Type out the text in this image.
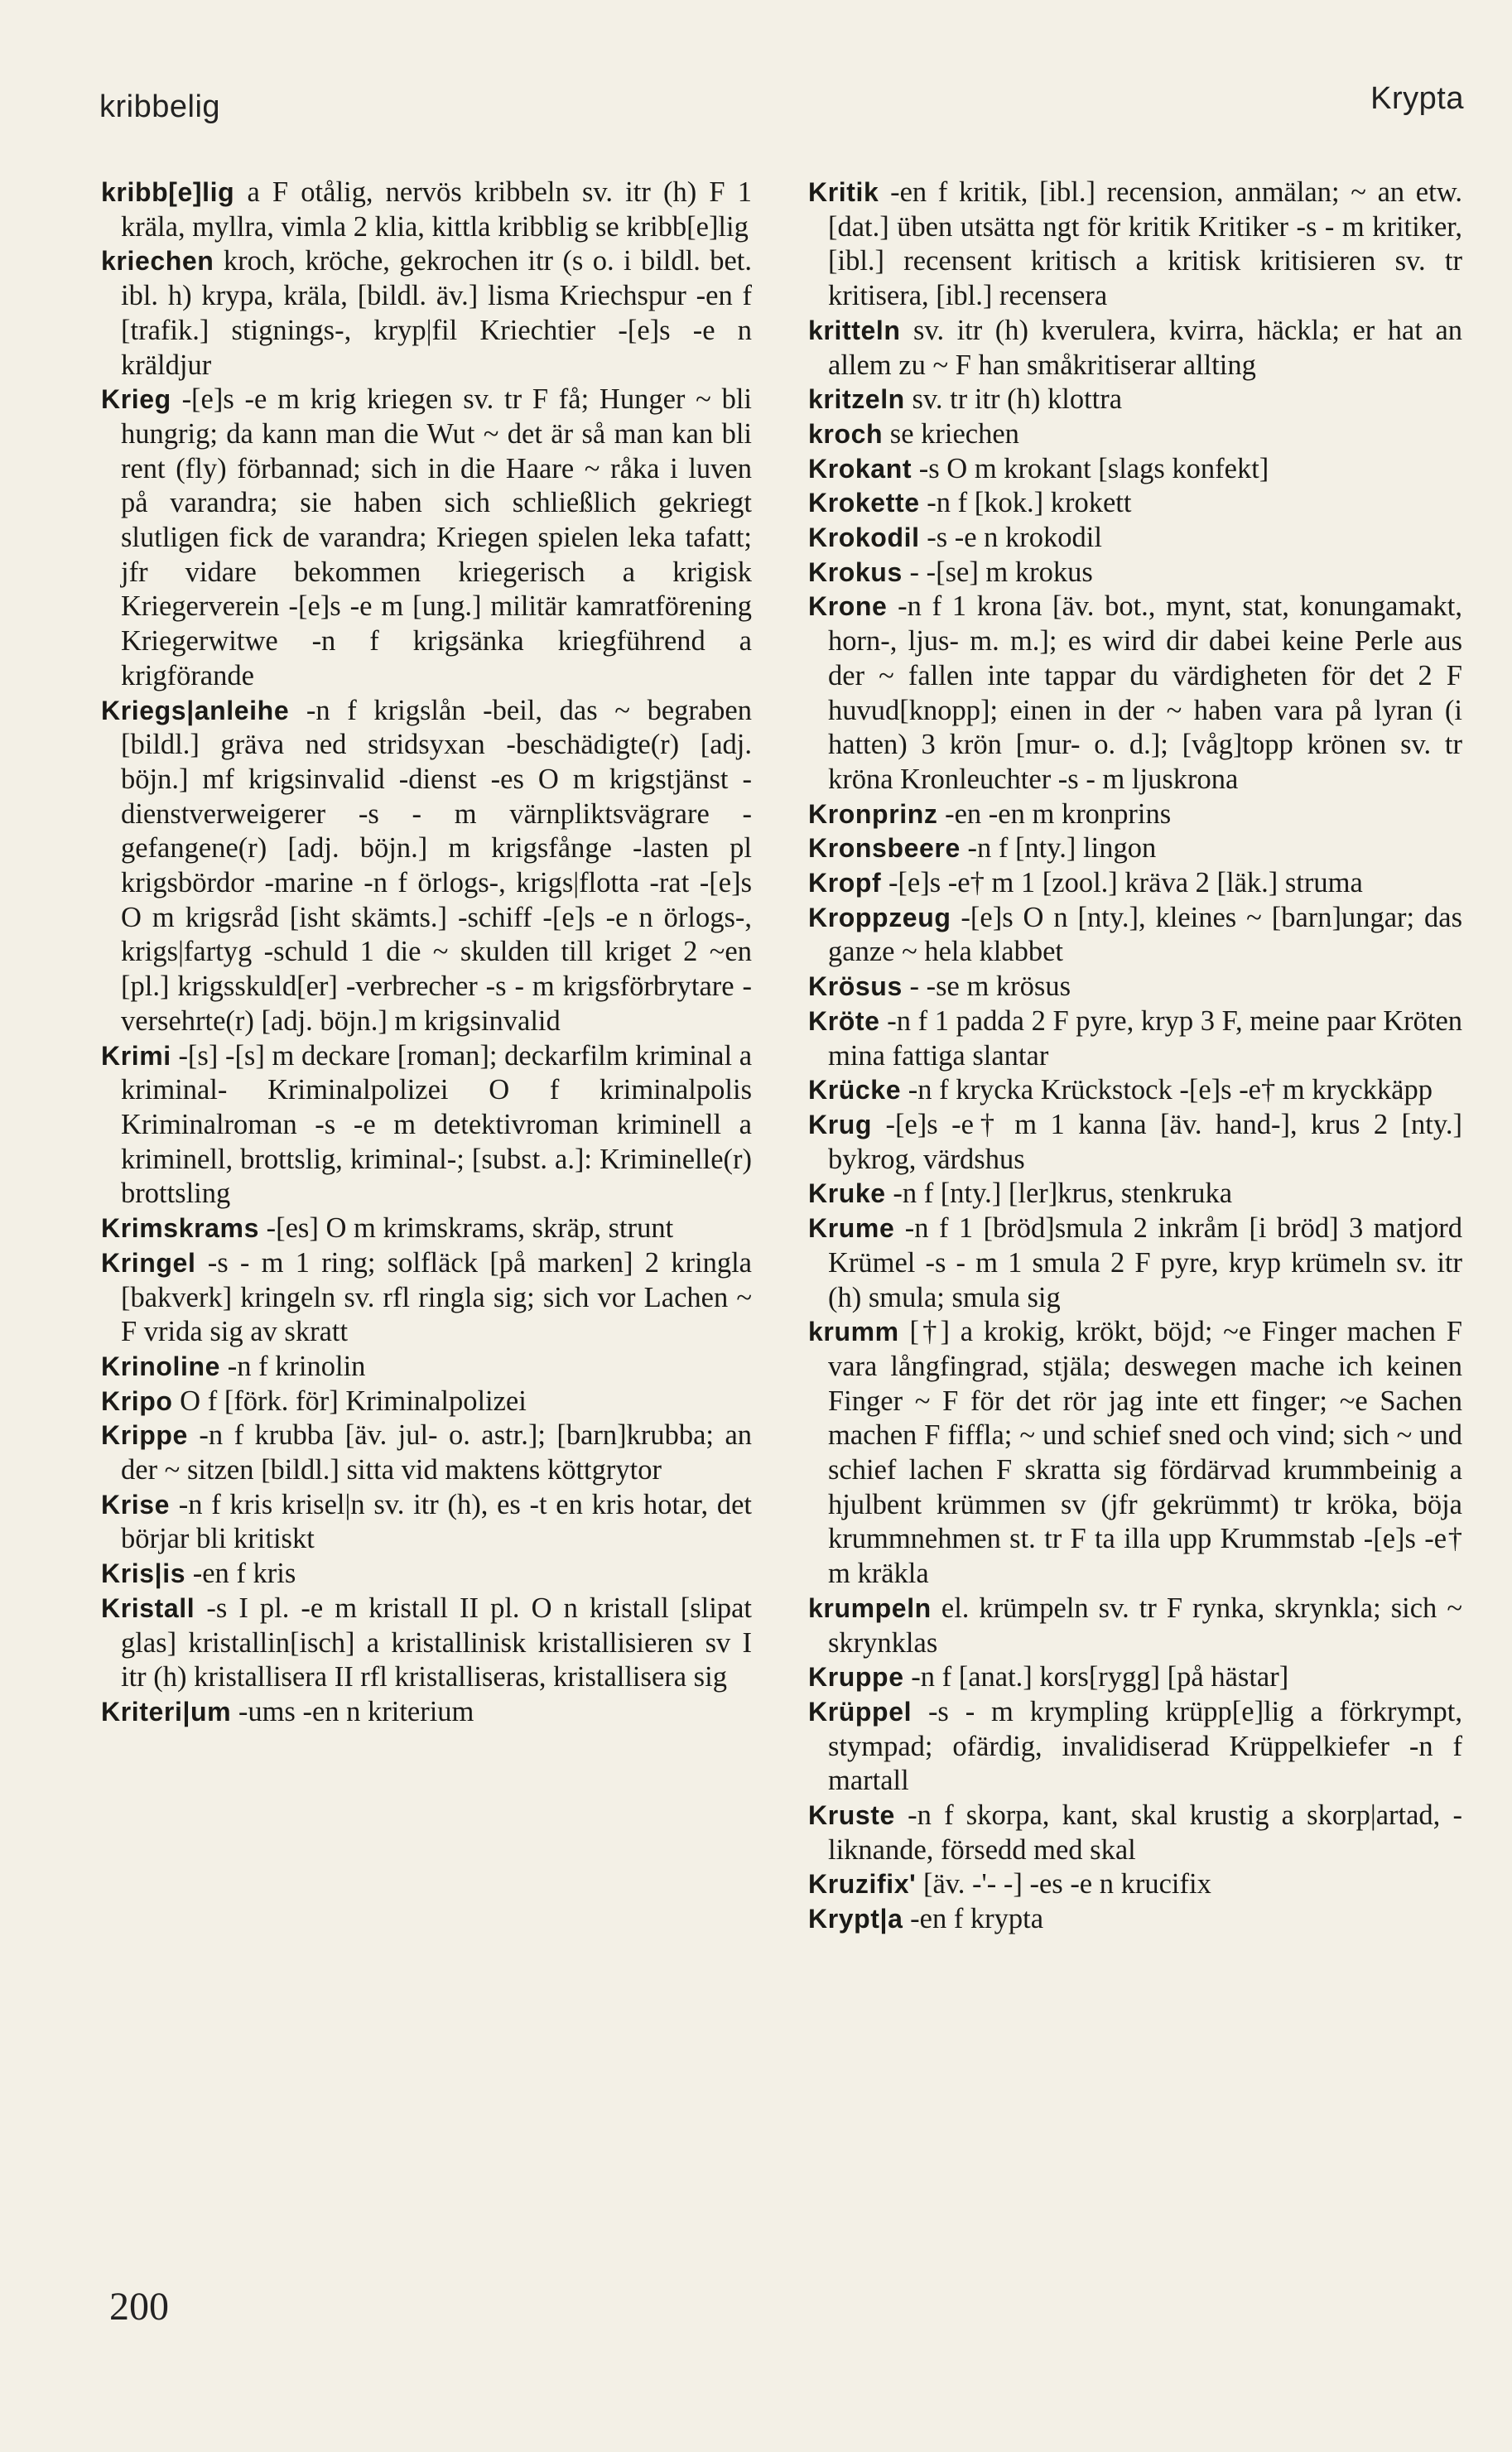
kribbelig	Krypta

kribb[e]lig a F otålig, nervös kribbeln sv. itr (h) F 1 kräla, myllra, vimla 2 klia, kittla kribblig se kribb[e]lig

kriechen kroch, kröche, gekrochen itr (s o. i bildl. bet. ibl. h) krypa, kräla, [bildl. äv.] lisma Kriechspur -en f [trafik.] stignings-, kryp|fil Kriechtier -[e]s -e n kräldjur

Krieg -[e]s -e m krig kriegen sv. tr F få; Hunger ~ bli hungrig; da kann man die Wut ~ det är så man kan bli rent (fly) förbannad; sich in die Haare ~ råka i luven på varandra; sie haben sich schließlich gekriegt slutligen fick de varandra; Kriegen spielen leka tafatt; jfr vidare bekommen kriegerisch a krigisk Kriegerverein -[e]s -e m [ung.] militär kamratförening Kriegerwitwe -n f krigsänka kriegführend a krigförande

Kriegs|anleihe -n f krigslån -beil, das ~ begraben [bildl.] gräva ned stridsyxan -beschädigte(r) [adj. böjn.] mf krigsinvalid -dienst -es O m krigstjänst -dienstverweigerer -s - m värnpliktsvägrare -gefangene(r) [adj. böjn.] m krigsfånge -lasten pl krigsbördor -marine -n f örlogs-, krigs|flotta -rat -[e]s O m krigsråd [isht skämts.] -schiff -[e]s -e n örlogs-, krigs|fartyg -schuld 1 die ~ skulden till kriget 2 ~en [pl.] krigsskuld[er] -verbrecher -s - m krigsförbrytare -versehrte(r) [adj. böjn.] m krigsinvalid

Krimi -[s] -[s] m deckare [roman]; deckarfilm kriminal a kriminal- Kriminalpolizei O f kriminalpolis Kriminalroman -s -e m detektivroman kriminell a kriminell, brottslig, kriminal-; [subst. a.]: Kriminelle(r) brottsling

Krimskrams -[es] O m krimskrams, skräp, strunt

Kringel -s - m 1 ring; solfläck [på marken] 2 kringla [bakverk] kringeln sv. rfl ringla sig; sich vor Lachen ~ F vrida sig av skratt

Krinoline -n f krinolin

Kripo O f [förk. för] Kriminalpolizei

Krippe -n f krubba [äv. jul- o. astr.]; [barn]krubba; an der ~ sitzen [bildl.] sitta vid maktens köttgrytor

Krise -n f kris krisel|n sv. itr (h), es -t en kris hotar, det börjar bli kritiskt

Kris|is -en f kris

Kristall -s I pl. -e m kristall II pl. O n kristall [slipat glas] kristallin[isch] a kristallinisk kristallisieren sv I itr (h) kristallisera II rfl kristalliseras, kristallisera sig

Kriteri|um -ums -en n kriterium

Kritik -en f kritik, [ibl.] recension, anmälan; ~ an etw. [dat.] üben utsätta ngt för kritik Kritiker -s - m kritiker, [ibl.] recensent kritisch a kritisk kritisieren sv. tr kritisera, [ibl.] recensera

kritteln sv. itr (h) kverulera, kvirra, häckla; er hat an allem zu ~ F han småkritiserar allting

kritzeln sv. tr itr (h) klottra

kroch se kriechen

Krokant -s O m krokant [slags konfekt]

Krokette -n f [kok.] krokett

Krokodil -s -e n krokodil

Krokus - -[se] m krokus

Krone -n f 1 krona [äv. bot., mynt, stat, konungamakt, horn-, ljus- m. m.]; es wird dir dabei keine Perle aus der ~ fallen inte tappar du värdigheten för det 2 F huvud[knopp]; einen in der ~ haben vara på lyran (i hatten) 3 krön [mur- o. d.]; [våg]topp krönen sv. tr kröna Kronleuchter -s - m ljuskrona

Kronprinz -en -en m kronprins

Kronsbeere -n f [nty.] lingon

Kropf -[e]s -e† m 1 [zool.] kräva 2 [läk.] struma

Kroppzeug -[e]s O n [nty.], kleines ~ [barn]ungar; das ganze ~ hela klabbet

Krösus - -se m krösus

Kröte -n f 1 padda 2 F pyre, kryp 3 F, meine paar Kröten mina fattiga slantar

Krücke -n f krycka Krückstock -[e]s -e† m kryckkäpp

Krug -[e]s -e† m 1 kanna [äv. hand-], krus 2 [nty.] bykrog, värdshus

Kruke -n f [nty.] [ler]krus, stenkruka

Krume -n f 1 [bröd]smula 2 inkråm [i bröd] 3 matjord Krümel -s - m 1 smula 2 F pyre, kryp krümeln sv. itr (h) smula; smula sig

krumm [†] a krokig, krökt, böjd; ~e Finger machen F vara långfingrad, stjäla; deswegen mache ich keinen Finger ~ F för det rör jag inte ett finger; ~e Sachen machen F fiffla; ~ und schief sned och vind; sich ~ und schief lachen F skratta sig fördärvad krummbeinig a hjulbent krümmen sv (jfr gekrümmt) tr kröka, böja krummnehmen st. tr F ta illa upp Krummstab -[e]s -e† m kräkla

krumpeln el. krümpeln sv. tr F rynka, skrynkla; sich ~ skrynklas

Kruppe -n f [anat.] kors[rygg] [på hästar]

Krüppel -s - m krympling krüpp[e]lig a förkrympt, stympad; ofärdig, invalidiserad Krüppelkiefer -n f martall

Kruste -n f skorpa, kant, skal krustig a skorp|artad, -liknande, försedd med skal

Kruzifix' [äv. -'- -] -es -e n krucifix

Krypt|a -en f krypta

200
